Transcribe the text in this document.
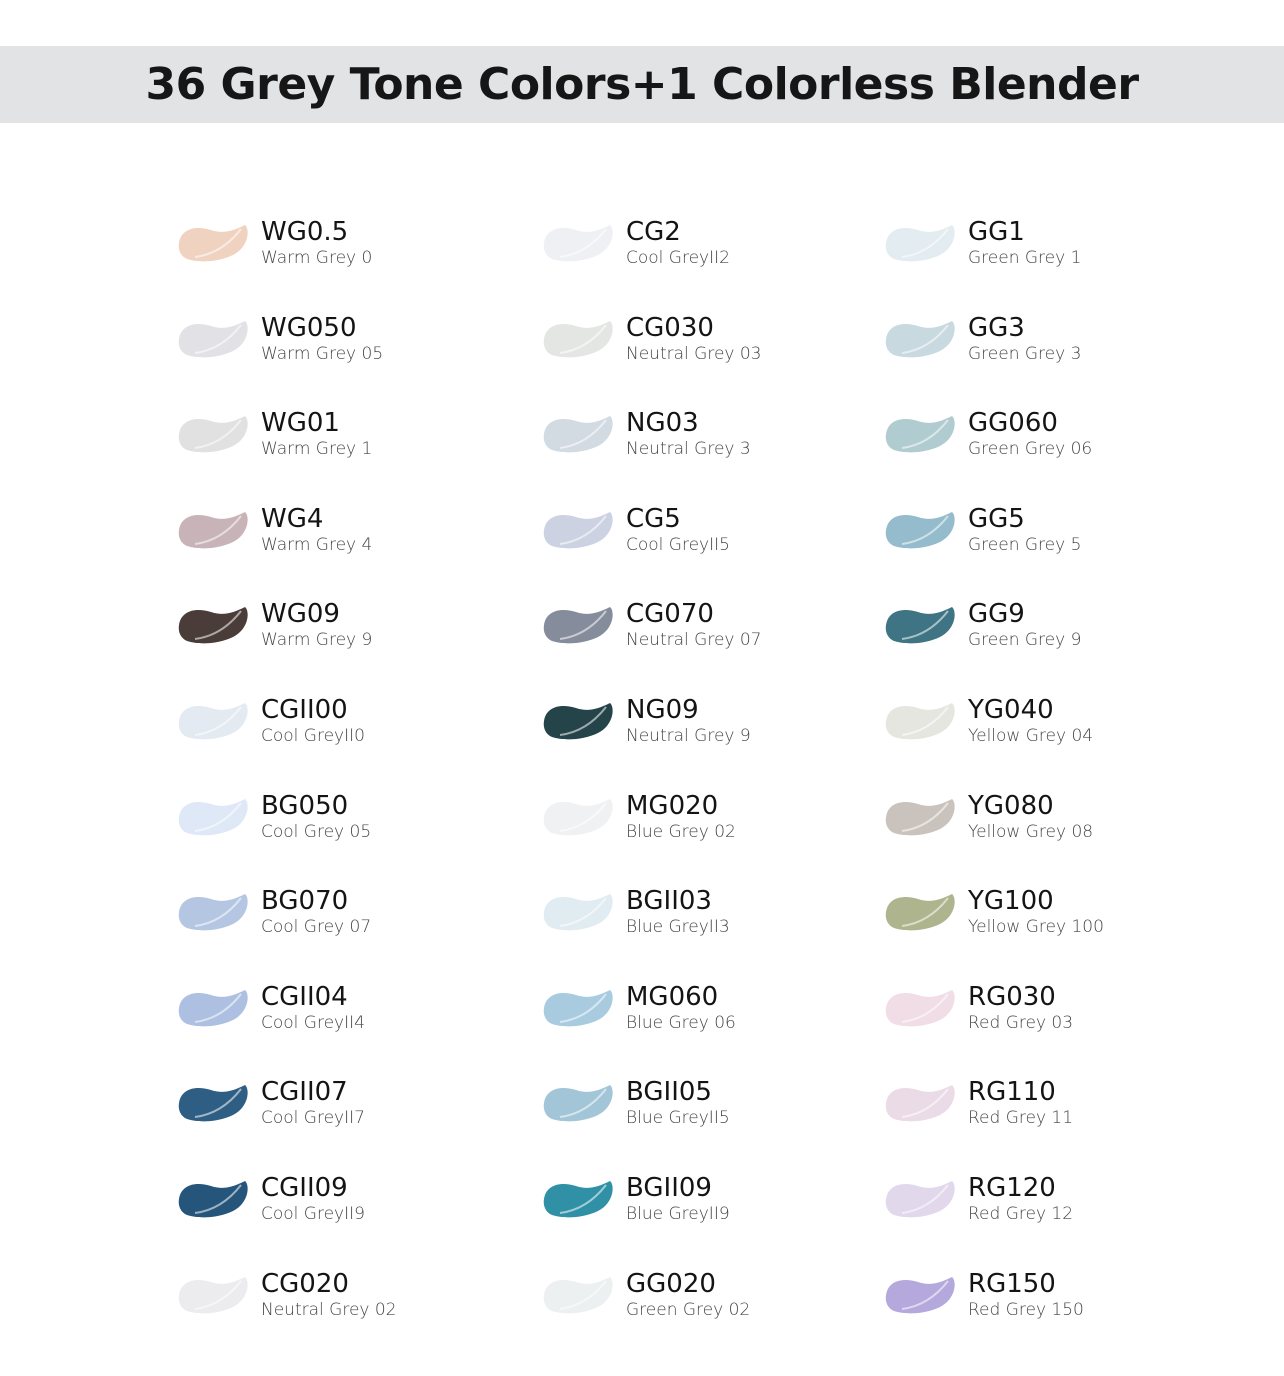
36 Grey Tone Colors+1 Colorless Blender
WG0.5
Warm Grey 0
WG050
Warm Grey 05
WG01
Warm Grey 1
WG4
Warm Grey 4
WG09
Warm Grey 9
CGII00
Cool GreyII0
BG050
Cool Grey 05
BG070
Cool Grey 07
CGII04
Cool GreyII4
CGII07
Cool GreyII7
CGII09
Cool GreyII9
CG020
Neutral Grey 02
CG2
Cool GreyII2
CG030
Neutral Grey 03
NG03
Neutral Grey 3
CG5
Cool GreyII5
CG070
Neutral Grey 07
NG09
Neutral Grey 9
MG020
Blue Grey 02
BGII03
Blue GreyII3
MG060
Blue Grey 06
BGII05
Blue GreyII5
BGII09
Blue GreyII9
GG020
Green Grey 02
GG1
Green Grey 1
GG3
Green Grey 3
GG060
Green Grey 06
GG5
Green Grey 5
GG9
Green Grey 9
YG040
Yellow Grey 04
YG080
Yellow Grey 08
YG100
Yellow Grey 100
RG030
Red Grey 03
RG110
Red Grey 11
RG120
Red Grey 12
RG150
Red Grey 150
